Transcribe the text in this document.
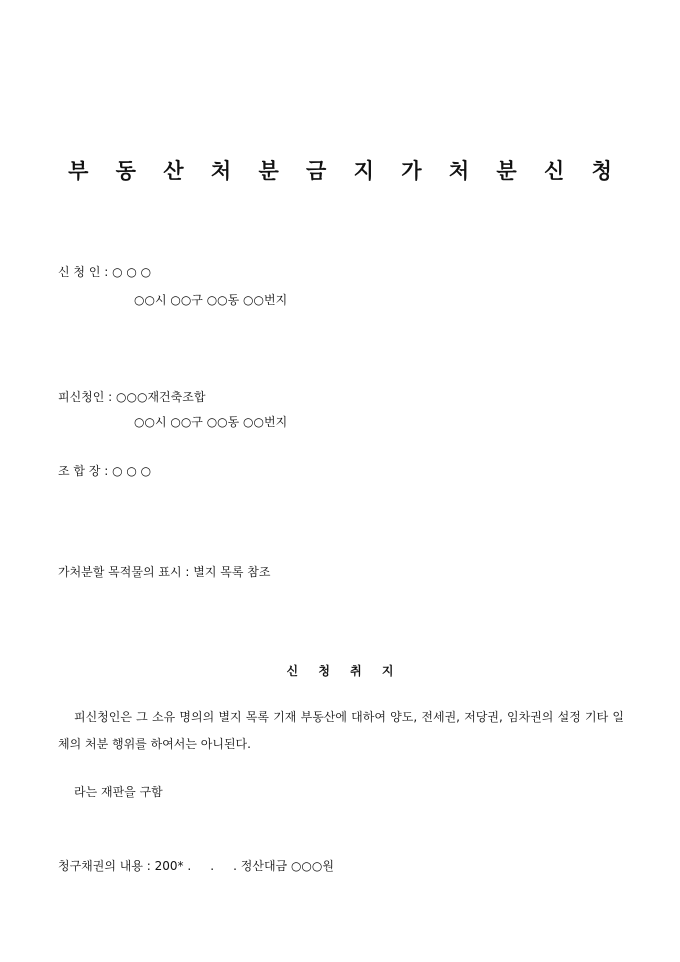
부 동 산 처 분 금 지 가 처 분 신 청
신 청 인 : ○ ○ ○
○○시 ○○구 ○○동 ○○번지
피신청인 : ○○○재건축조합
○○시 ○○구 ○○동 ○○번지
조 합 장 : ○ ○ ○
가처분할 목적물의 표시 : 별지 목록 참조
신 청 취 지
피신청인은 그 소유 명의의 별지 목록 기재 부동산에 대하여 양도, 전세권, 저당권, 임차권의 설정 기타 일체의 처분 행위를 하여서는 아니된다.
라는 재판을 구함
청구채권의 내용 : 200* .     .     . 정산대금 ○○○원
